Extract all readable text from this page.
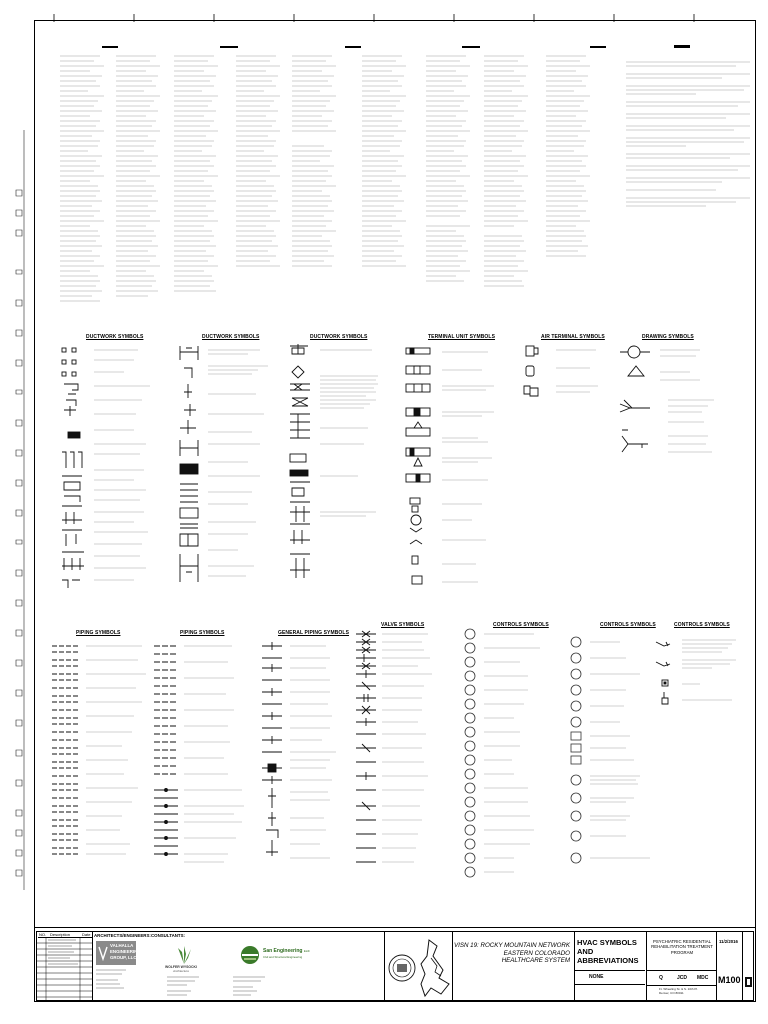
DUCTWORK SYMBOLS	DUCTWORK SYMBOLS	DUCTWORK SYMBOLS	TERMINAL UNIT SYMBOLS	AIR TERMINAL SYMBOLS	DRAWING SYMBOLS
PIPING SYMBOLS	PIPING SYMBOLS	GENERAL PIPING SYMBOLS
VALVE SYMBOLS	CONTROLS SYMBOLS	CONTROLS SYMBOLS	CONTROLS SYMBOLS
NO. Description	Date ARCHITECTS/ENGINEERS: CONSULTANTS:
VALHALLA
ENGINEERING
GROUP, LLC
WOLFER WYSOCKI
Architecture
San Engineering LLC
Civil and Structural Engineering
VISN 19: ROCKY MOUNTAIN NETWORK
EASTERN COLORADO
HEALTHCARE SYSTEM
HVAC SYMBOLS AND
ABBREVIATIONS
NONE
PSYCHIATRIC RESIDENTIAL
REHABILITATION TREATMENT
PROGRAM
Q	JCD MDC
Ft. Wheeling St. & S. 10th Pl.
Denver, CO 80011
11/2/2016
M100
